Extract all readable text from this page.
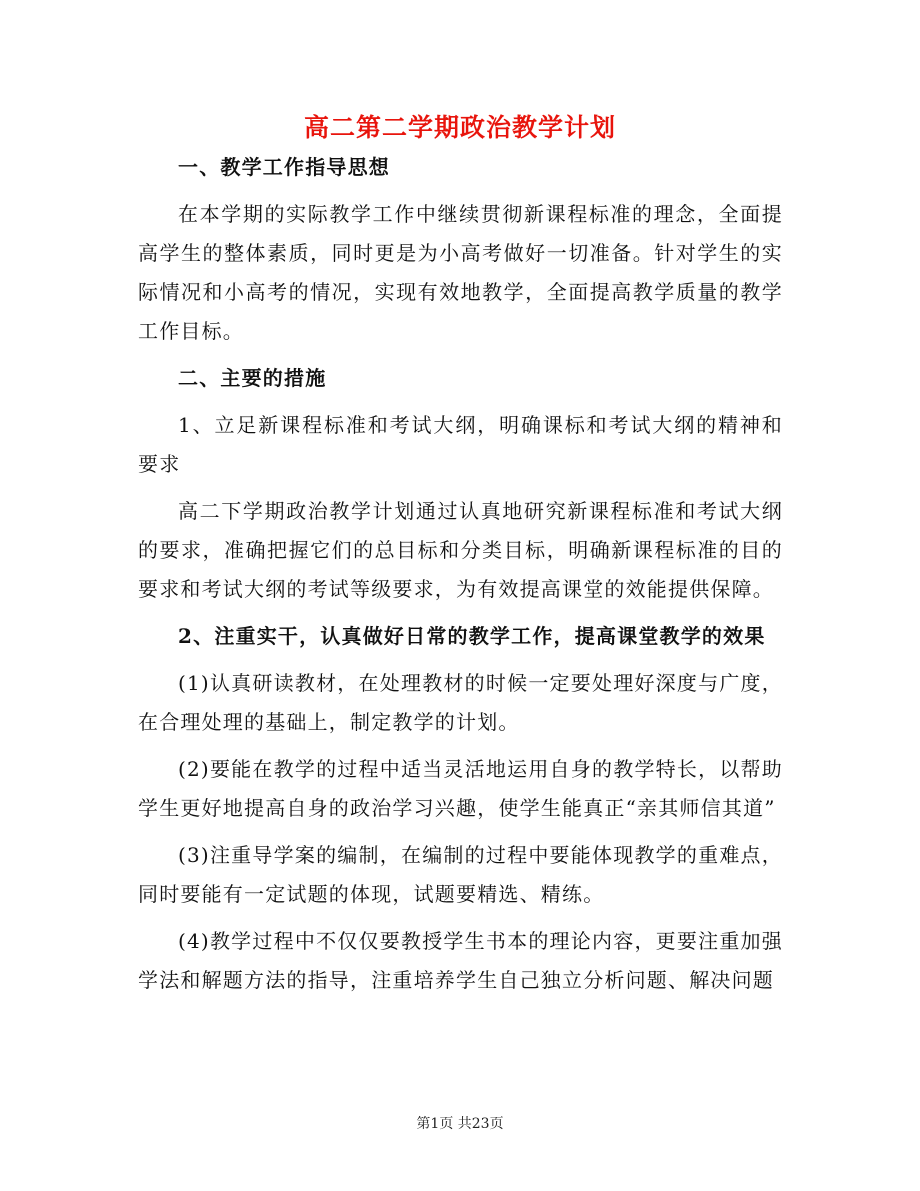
高二第二学期政治教学计划

一、教学工作指导思想

在本学期的实际教学工作中继续贯彻新课程标准的理念，全面提高学生的整体素质，同时更是为小高考做好一切准备。针对学生的实际情况和小高考的情况，实现有效地教学，全面提高教学质量的教学工作目标。

二、主要的措施

1、立足新课程标准和考试大纲，明确课标和考试大纲的精神和要求

高二下学期政治教学计划通过认真地研究新课程标准和考试大纲的要求，准确把握它们的总目标和分类目标，明确新课程标准的目的要求和考试大纲的考试等级要求，为有效提高课堂的效能提供保障。

2、注重实干，认真做好日常的教学工作，提高课堂教学的效果

(1)认真研读教材，在处理教材的时候一定要处理好深度与广度，在合理处理的基础上，制定教学的计划。

(2)要能在教学的过程中适当灵活地运用自身的教学特长，以帮助学生更好地提高自身的政治学习兴趣，使学生能真正“亲其师信其道”

(3)注重导学案的编制，在编制的过程中要能体现教学的重难点，同时要能有一定试题的体现，试题要精选、精练。

(4)教学过程中不仅仅要教授学生书本的理论内容，更要注重加强学法和解题方法的指导，注重培养学生自己独立分析问题、解决问题

第1页 共23页
